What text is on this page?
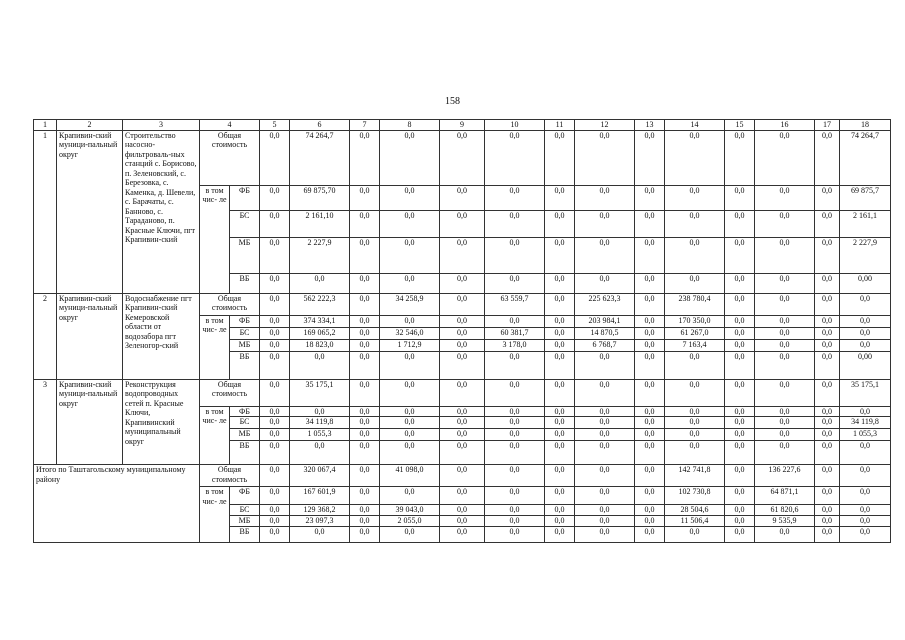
158
1	2	3	4		5	6	7	8	9	10	11	12	13	14	15	16	17	18
1	Крапивин-ский муници-пальный округ	Строительство насосно-фильтроваль-ных станций с. Борисово, п. Зеленовский, с. Березовка, с. Каменка, д. Шевели, с. Барачаты, с. Банново, с. Тараданово, п. Красные Ключи, пгт Крапивин-ский	Общая стоимость		0,0	74 264,7	0,0	0,0	0,0	0,0	0,0	0,0	0,0	0,0	0,0	0,0	0,0	74 264,7
			в том чис- ле	ФБ	0,0	69 875,70	0,0	0,0	0,0	0,0	0,0	0,0	0,0	0,0	0,0	0,0	0,0	69 875,7
				БС	0,0	2 161,10	0,0	0,0	0,0	0,0	0,0	0,0	0,0	0,0	0,0	0,0	0,0	2 161,1
				МБ	0,0	2 227,9	0,0	0,0	0,0	0,0	0,0	0,0	0,0	0,0	0,0	0,0	0,0	2 227,9
				ВБ	0,0	0,0	0,0	0,0	0,0	0,0	0,0	0,0	0,0	0,0	0,0	0,0	0,0	0,00
2	Крапивин-ский муници-пальный округ	Водоснабжение пгт Крапивин-ский Кемеровской области от водозабора пгт Зеленогор-ский	Общая стоимость		0,0	562 222,3	0,0	34 258,9	0,0	63 559,7	0,0	225 623,3	0,0	238 780,4	0,0	0,0	0,0	0,0
			в том чис- ле	ФБ	0,0	374 334,1	0,0	0,0	0,0	0,0	0,0	203 984,1	0,0	170 350,0	0,0	0,0	0,0	0,0
				БС	0,0	169 065,2	0,0	32 546,0	0,0	60 381,7	0,0	14 870,5	0,0	61 267,0	0,0	0,0	0,0	0,0
				МБ	0,0	18 823,0	0,0	1 712,9	0,0	3 178,0	0,0	6 768,7	0,0	7 163,4	0,0	0,0	0,0	0,0
				ВБ	0,0	0,0	0,0	0,0	0,0	0,0	0,0	0,0	0,0	0,0	0,0	0,0	0,0	0,00
3	Крапивин-ский муници-пальный округ	Реконструкция водопроводных сетей п. Красные Ключи, Крапивинский муниципальный округ	Общая стоимость		0,0	35 175,1	0,0	0,0	0,0	0,0	0,0	0,0	0,0	0,0	0,0	0,0	0,0	35 175,1
			в том чис- ле	ФБ	0,0	0,0	0,0	0,0	0,0	0,0	0,0	0,0	0,0	0,0	0,0	0,0	0,0	0,0
				БС	0,0	34 119,8	0,0	0,0	0,0	0,0	0,0	0,0	0,0	0,0	0,0	0,0	0,0	34 119,8
				МБ	0,0	1 055,3	0,0	0,0	0,0	0,0	0,0	0,0	0,0	0,0	0,0	0,0	0,0	1 055,3
				ВБ	0,0	0,0	0,0	0,0	0,0	0,0	0,0	0,0	0,0	0,0	0,0	0,0	0,0	0,0
Итого по Таштагольскому муниципальному району			Общая стоимость		0,0	320 067,4	0,0	41 098,0	0,0	0,0	0,0	0,0	0,0	142 741,8	0,0	136 227,6	0,0	0,0
			в том чис- ле	ФБ	0,0	167 601,9	0,0	0,0	0,0	0,0	0,0	0,0	0,0	102 730,8	0,0	64 871,1	0,0	0,0
				БС	0,0	129 368,2	0,0	39 043,0	0,0	0,0	0,0	0,0	0,0	28 504,6	0,0	61 820,6	0,0	0,0
				МБ	0,0	23 097,3	0,0	2 055,0	0,0	0,0	0,0	0,0	0,0	11 506,4	0,0	9 535,9	0,0	0,0
				ВБ	0,0	0,0	0,0	0,0	0,0	0,0	0,0	0,0	0,0	0,0	0,0	0,0	0,0	0,0
